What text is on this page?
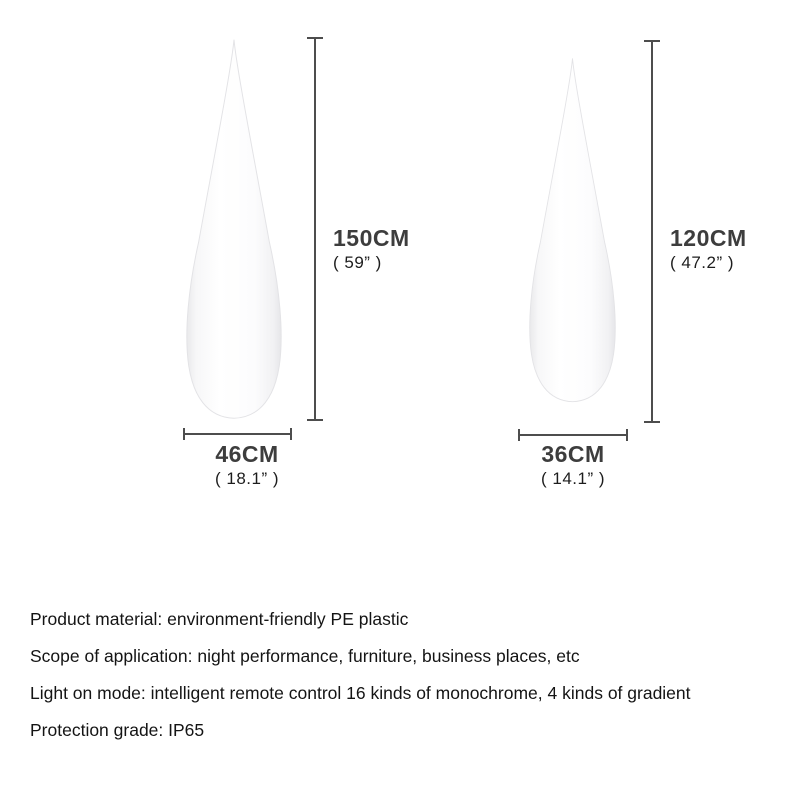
150CM
( 59” )
120CM
( 47.2” )
46CM
( 18.1” )
36CM
( 14.1” )
Product material: environment-friendly PE plastic
Scope of application: night performance, furniture, business places, etc
Light on mode: intelligent remote control 16 kinds of monochrome, 4 kinds of gradient
Protection grade: IP65
